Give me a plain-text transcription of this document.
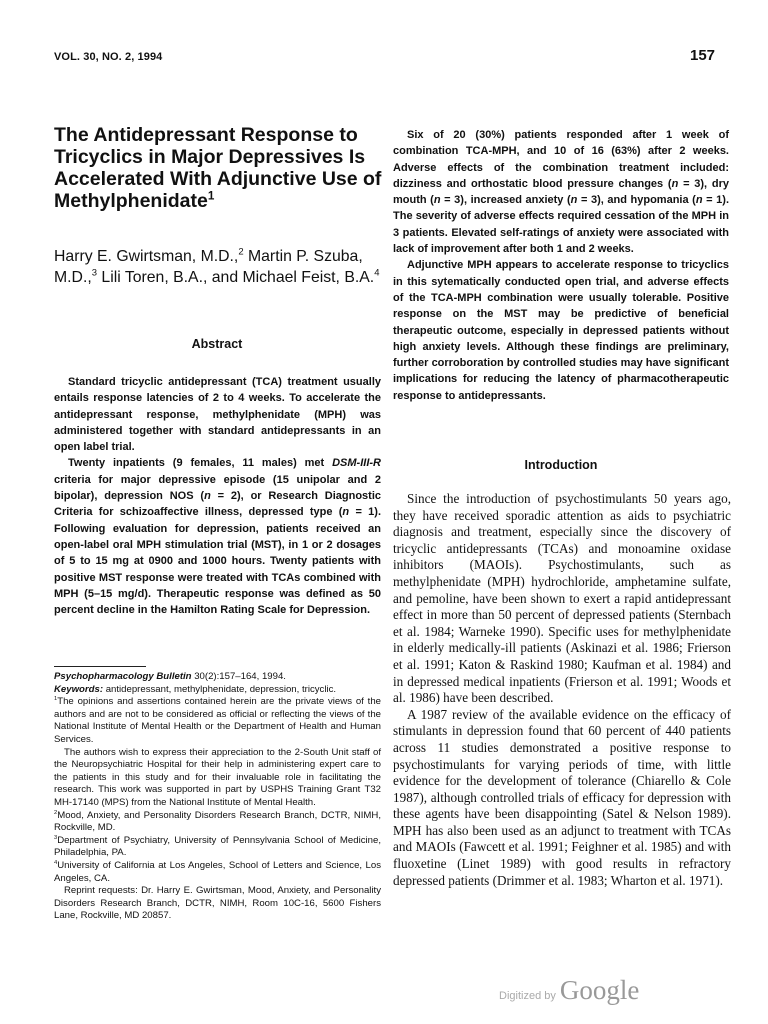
VOL. 30, NO. 2, 1994	157
The Antidepressant Response to Tricyclics in Major Depressives Is Accelerated With Adjunctive Use of Methylphenidate$^1$
Harry E. Gwirtsman, M.D.,$^2$ Martin P. Szuba, M.D.,$^3$ Lili Toren, B.A., and Michael Feist, B.A.$^4$
Abstract

Standard tricyclic antidepressant (TCA) treatment usually entails response latencies of 2 to 4 weeks. To accelerate the antidepressant response, methylphenidate (MPH) was administered together with standard antidepressants in an open label trial.

Twenty inpatients (9 females, 11 males) met DSM-III-R criteria for major depressive episode (15 unipolar and 2 bipolar), depression NOS (n = 2), or Research Diagnostic Criteria for schizoaffective illness, depressed type (n = 1). Following evaluation for depression, patients received an open-label oral MPH stimulation trial (MST), in 1 or 2 dosages of 5 to 15 mg at 0900 and 1000 hours. Twenty patients with positive MST response were treated with TCAs combined with MPH (5–15 mg/d). Therapeutic response was defined as 50 percent decline in the Hamilton Rating Scale for Depression.

Psychopharmacology Bulletin 30(2):157–164, 1994.

Keywords: antidepressant, methylphenidate, depression, tricyclic.

$^1$The opinions and assertions contained herein are the private views of the authors and are not to be considered as official or reflecting the views of the National Institute of Mental Health or the Department of Health and Human Services.

The authors wish to express their appreciation to the 2-South Unit staff of the Neuropsychiatric Hospital for their help in administering expert care to the patients in this study and for their invaluable role in facilitating the research. This work was supported in part by USPHS Training Grant T32 MH-17140 (MPS) from the National Institute of Mental Health.

$^2$Mood, Anxiety, and Personality Disorders Research Branch, DCTR, NIMH, Rockville, MD.

$^3$Department of Psychiatry, University of Pennsylvania School of Medicine, Philadelphia, PA.

$^4$University of California at Los Angeles, School of Letters and Science, Los Angeles, CA.

Reprint requests: Dr. Harry E. Gwirtsman, Mood, Anxiety, and Personality Disorders Research Branch, DCTR, NIMH, Room 10C-16, 5600 Fishers Lane, Rockville, MD 20857.

Six of 20 (30%) patients responded after 1 week of combination TCA-MPH, and 10 of 16 (63%) after 2 weeks. Adverse effects of the combination treatment included: dizziness and orthostatic blood pressure changes (n = 3), dry mouth (n = 3), increased anxiety (n = 3), and hypomania (n = 1). The severity of adverse effects required cessation of the MPH in 3 patients. Elevated self-ratings of anxiety were associated with lack of improvement after both 1 and 2 weeks.

Adjunctive MPH appears to accelerate response to tricyclics in this sytematically conducted open trial, and adverse effects of the TCA-MPH combination were usually tolerable. Positive response on the MST may be predictive of beneficial therapeutic outcome, especially in depressed patients without high anxiety levels. Although these findings are preliminary, further corroboration by controlled studies may have significant implications for reducing the latency of pharmacotherapeutic response to antidepressants.

Introduction

Since the introduction of psychostimulants 50 years ago, they have received sporadic attention as aids to psychiatric diagnosis and treatment, especially since the discovery of tricyclic antidepressants (TCAs) and monoamine oxidase inhibitors (MAOIs). Psychostimulants, such as methylphenidate (MPH) hydrochloride, amphetamine sulfate, and pemoline, have been shown to exert a rapid antidepressant effect in more than 50 percent of depressed patients (Sternbach et al. 1984; Warneke 1990). Specific uses for methylphenidate in elderly medically-ill patients (Askinazi et al. 1986; Frierson et al. 1991; Katon & Raskind 1980; Kaufman et al. 1984) and in depressed medical inpatients (Frierson et al. 1991; Woods et al. 1986) have been described.

A 1987 review of the available evidence on the efficacy of stimulants in depression found that 60 percent of 440 patients across 11 studies demonstrated a positive response to psychostimulants for varying periods of time, with little evidence for the development of tolerance (Chiarello & Cole 1987), although controlled trials of efficacy for depression with these agents have been disappointing (Satel & Nelson 1989). MPH has also been used as an adjunct to treatment with TCAs and MAOIs (Fawcett et al. 1991; Feighner et al. 1985) and with fluoxetine (Linet 1989) with good results in refractory depressed patients (Drimmer et al. 1983; Wharton et al. 1971).

Digitized by Google
